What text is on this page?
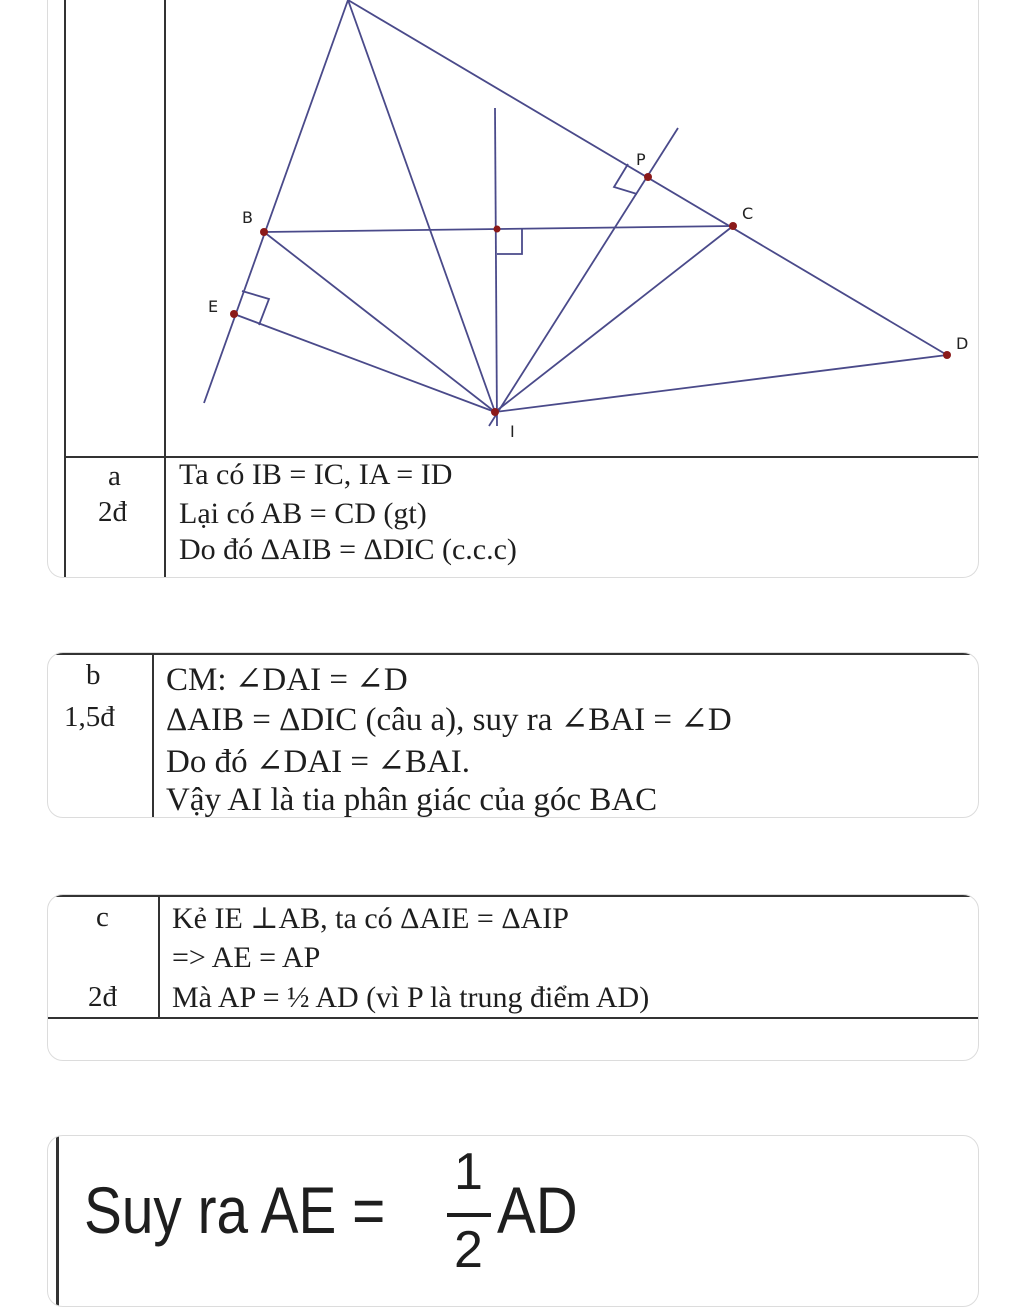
B	C
D
E
P
I
a
2đ
Ta có IB = IC, IA = ID
Lại có AB = CD (gt)
Do đó ΔAIB = ΔDIC (c.c.c)
b
1,5đ
CM: ∠DAI = ∠D
ΔAIB = ΔDIC (câu a), suy ra ∠BAI = ∠D
Do đó ∠DAI = ∠BAI.
Vậy AI là tia phân giác của góc BAC
c
2đ
Kẻ IE ⊥AB, ta có ΔAIE = ΔAIP
=> AE = AP
Mà AP = ½ AD (vì P là trung điểm AD)
Suy ra AE =
1
2
AD
